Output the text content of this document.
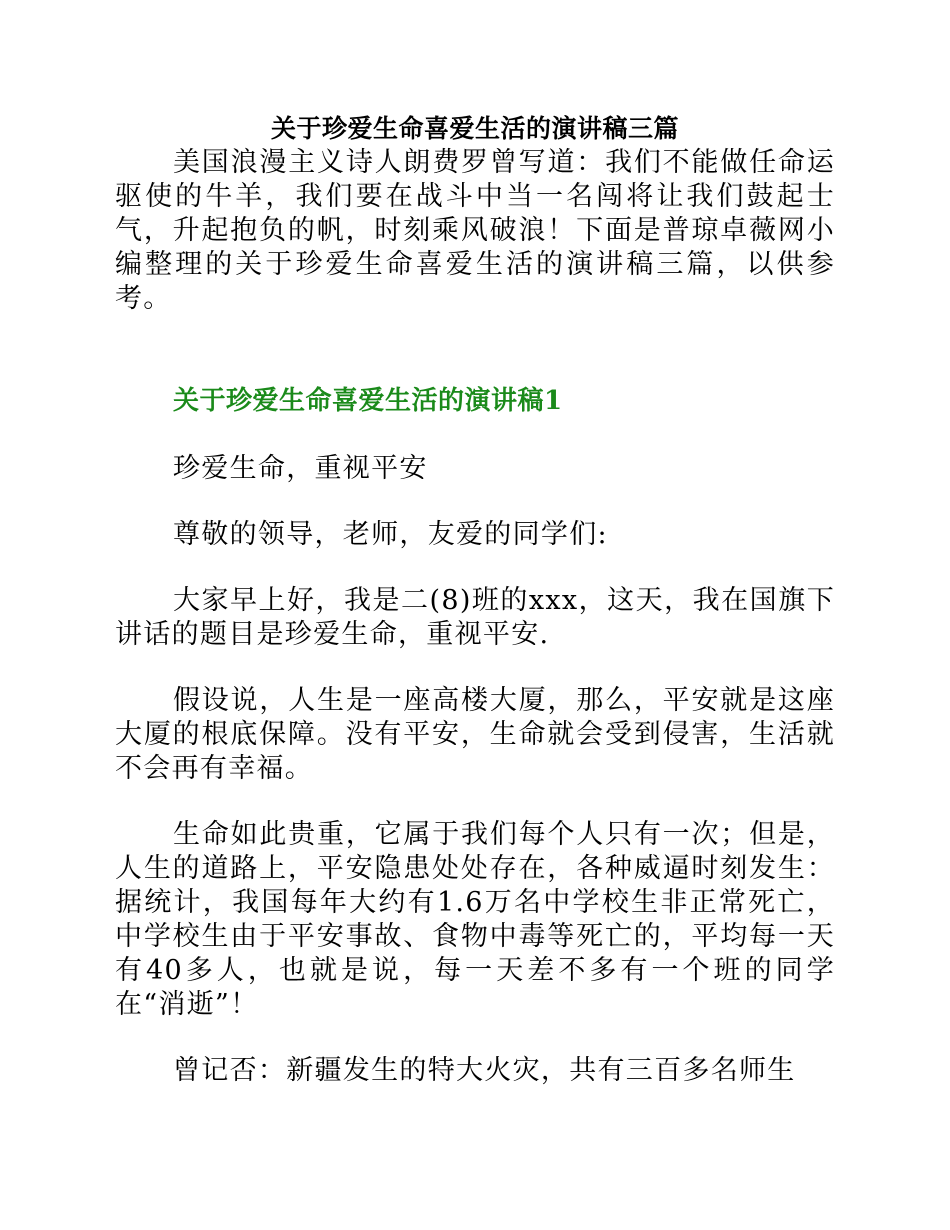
关于珍爱生命喜爱生活的演讲稿三篇

美国浪漫主义诗人朗费罗曾写道：我们不能做任命运驱使的牛羊，我们要在战斗中当一名闯将让我们鼓起士气，升起抱负的帆，时刻乘风破浪！下面是普琼卓薇网小编整理的关于珍爱生命喜爱生活的演讲稿三篇，以供参考。

关于珍爱生命喜爱生活的演讲稿1

珍爱生命，重视平安

尊敬的领导，老师，友爱的同学们:

大家早上好，我是二(8)班的xxx，这天，我在国旗下讲话的题目是珍爱生命，重视平安.

假设说，人生是一座高楼大厦，那么，平安就是这座大厦的根底保障。没有平安，生命就会受到侵害，生活就不会再有幸福。

生命如此贵重，它属于我们每个人只有一次；但是，人生的道路上，平安隐患处处存在，各种威逼时刻发生：据统计，我国每年大约有1.6万名中学校生非正常死亡，中学校生由于平安事故、食物中毒等死亡的，平均每一天有40多人，也就是说，每一天差不多有一个班的同学在“消逝”！

曾记否：新疆发生的特大火灾，共有三百多名师生
